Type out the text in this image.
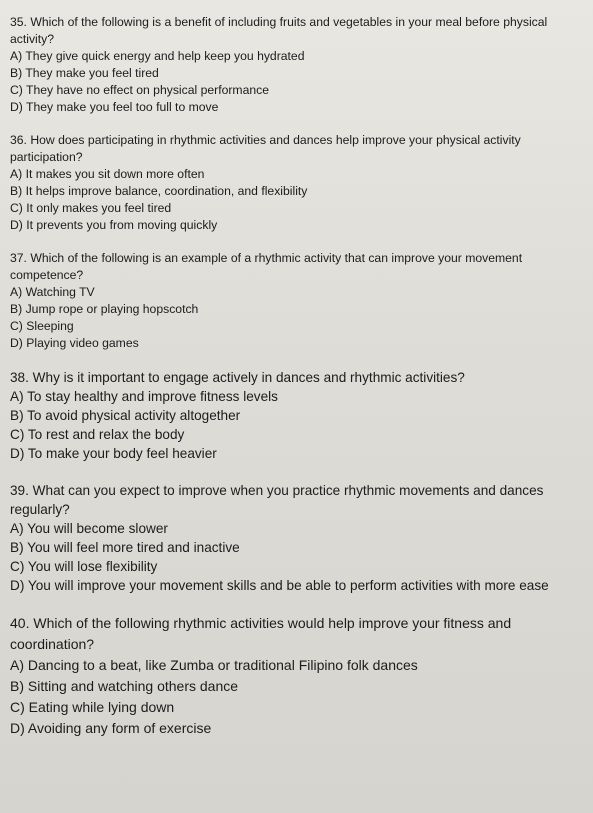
35. Which of the following is a benefit of including fruits and vegetables in your meal before physical activity?

A) They give quick energy and help keep you hydrated

B) They make you feel tired

C) They have no effect on physical performance

D) They make you feel too full to move

36. How does participating in rhythmic activities and dances help improve your physical activity participation?

A) It makes you sit down more often

B) It helps improve balance, coordination, and flexibility

C) It only makes you feel tired

D) It prevents you from moving quickly

37. Which of the following is an example of a rhythmic activity that can improve your movement competence?

A) Watching TV

B) Jump rope or playing hopscotch

C) Sleeping

D) Playing video games

38. Why is it important to engage actively in dances and rhythmic activities?

A) To stay healthy and improve fitness levels

B) To avoid physical activity altogether

C) To rest and relax the body

D) To make your body feel heavier

39. What can you expect to improve when you practice rhythmic movements and dances regularly?

A) You will become slower

B) You will feel more tired and inactive

C) You will lose flexibility

D) You will improve your movement skills and be able to perform activities with more ease

40. Which of the following rhythmic activities would help improve your fitness and coordination?

A) Dancing to a beat, like Zumba or traditional Filipino folk dances

B) Sitting and watching others dance

C) Eating while lying down

D) Avoiding any form of exercise
